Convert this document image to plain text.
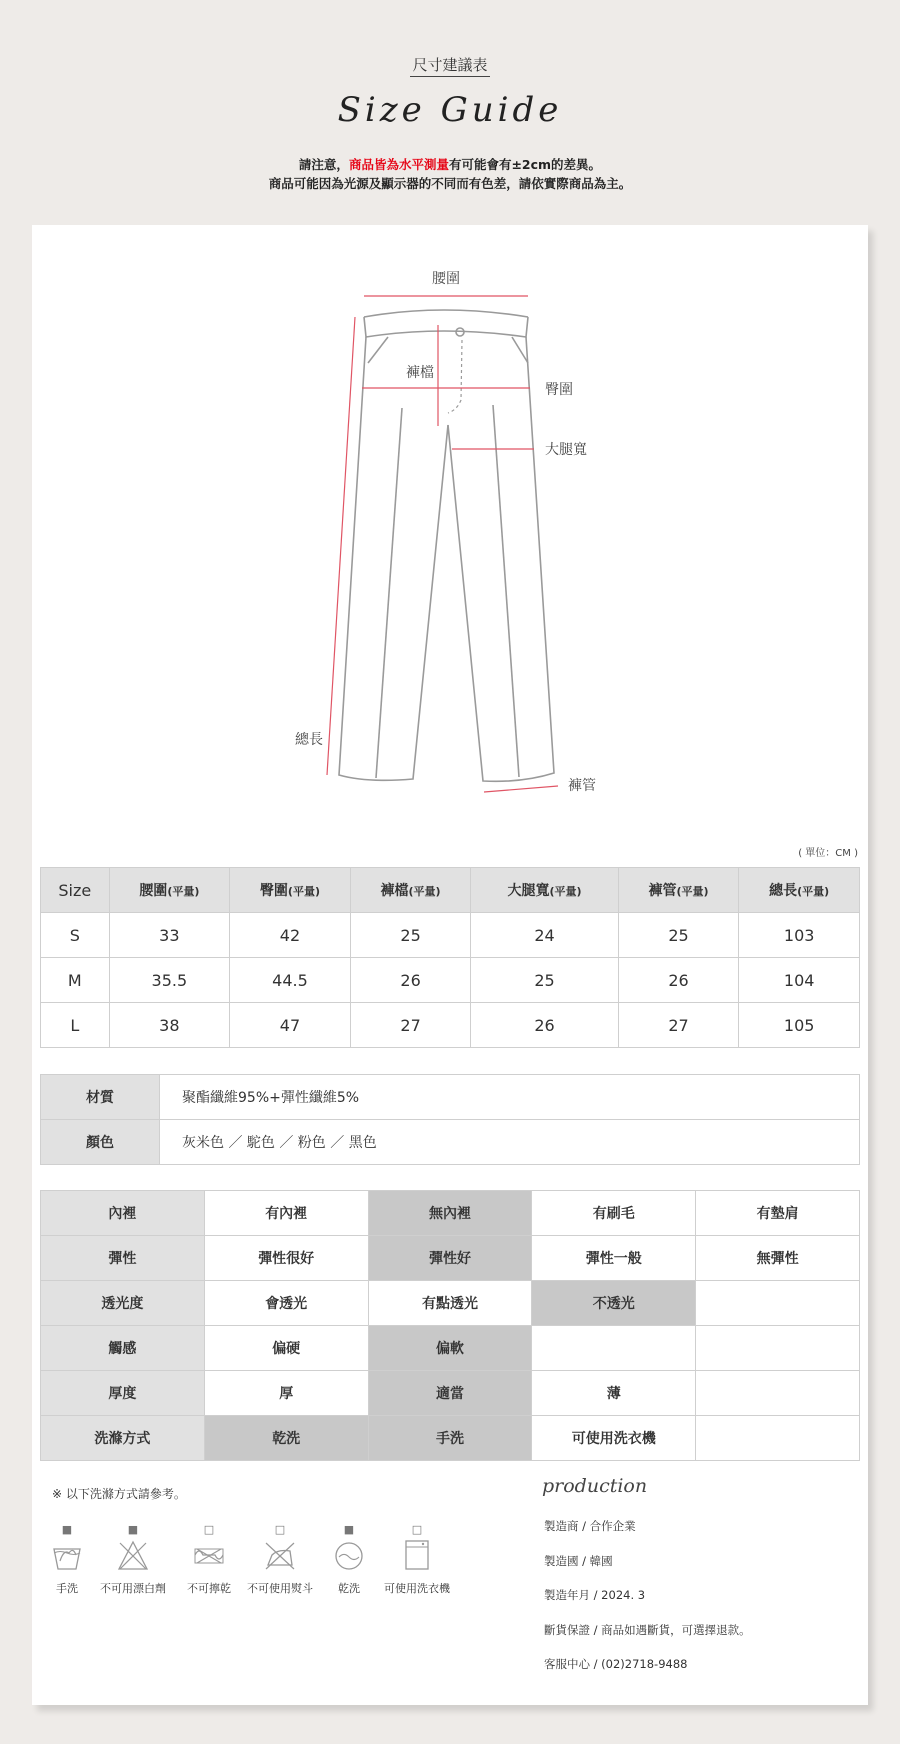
尺寸建議表
Size Guide
請注意，商品皆為水平測量有可能會有±2cm的差異。
商品可能因為光源及顯示器的不同而有色差，請依實際商品為主。
腰圍
褲檔
臀圍
大腿寬
總長
褲管
( 單位：CM )
Size	腰圍(平量)	臀圍(平量)	褲檔(平量)	大腿寬(平量)	褲管(平量)	總長(平量)
S	33	42	25	24	25	103
M	35.5	44.5	26	25	26	104
L	38	47	27	26	27	105
材質	聚酯纖維95%+彈性纖維5%
顏色	灰米色 ／ 駝色 ／ 粉色 ／ 黑色
內裡	有內裡	無內裡	有刷毛	有墊肩
彈性	彈性很好	彈性好	彈性一般	無彈性
透光度	會透光	有點透光	不透光	
觸感	偏硬	偏軟		
厚度	厚	適當	薄	
洗滌方式	乾洗	手洗	可使用洗衣機	
※ 以下洗滌方式請參考。
■
手洗
■
不可用漂白劑
□
不可擰乾
□
不可使用熨斗
■
乾洗
□
可使用洗衣機
production
製造商 / 合作企業
製造國 / 韓國
製造年月 / 2024. 3
斷貨保證 / 商品如遇斷貨，可選擇退款。
客服中心 / (02)2718-9488
